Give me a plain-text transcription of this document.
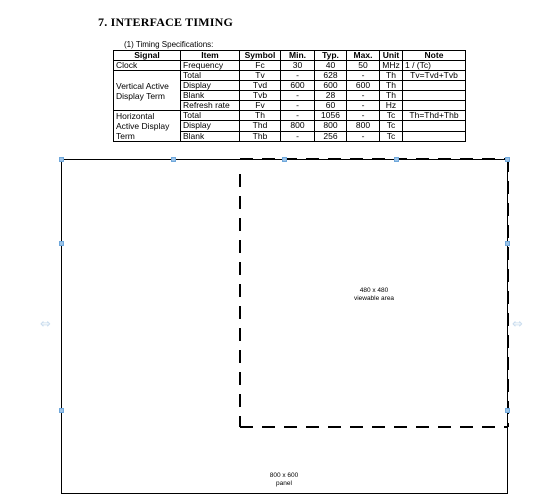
7. INTERFACE TIMING
(1) Timing Specifications:
Signal	Item	Symbol	Min.	Typ.	Max.	Unit	Note
Clock	Frequency	Fc	30	40	50	MHz	1 / (Tc)
Vertical Active Display Term	Total	Tv	-	628	-	Th	Tv=Tvd+Tvb
	Display	Tvd	600	600	600	Th	
	Blank	Tvb	-	28	-	Th	
	Refresh rate	Fv	-	60	-	Hz	
Horizontal Active Display Term	Total	Th	-	1056	-	Tc	Th=Thd+Thb
	Display	Thd	800	800	800	Tc	
	Blank	Thb	-	256	-	Tc	
⇔	⇔
480 x 480
viewable area
800 x 600
panel
